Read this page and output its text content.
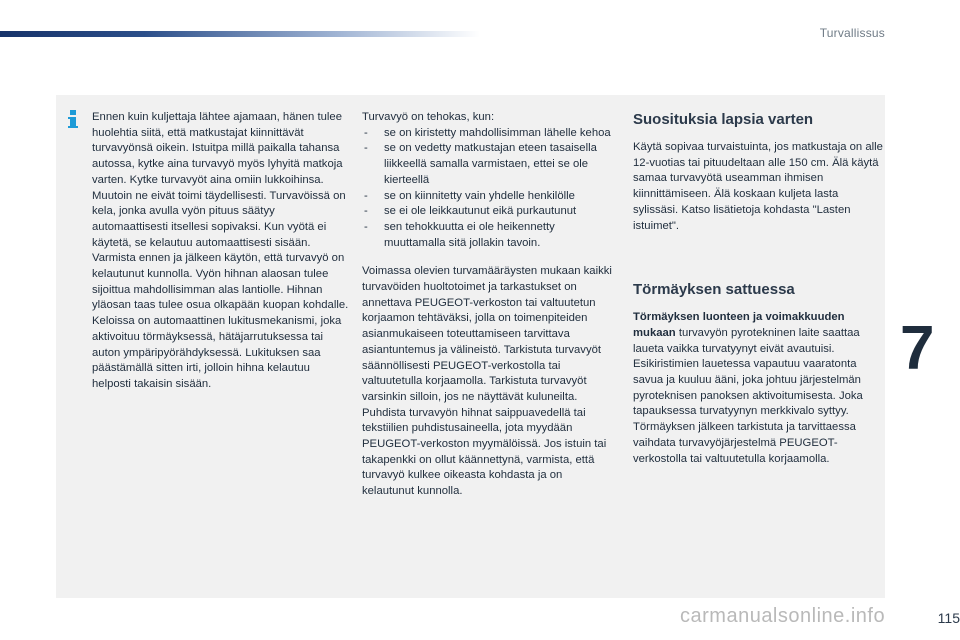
Turvallissus

Ennen kuin kuljettaja lähtee ajamaan, hänen tulee huolehtia siitä, että matkustajat kiinnittävät turvavyönsä oikein. Istuitpa millä paikalla tahansa autossa, kytke aina turvavyö myös lyhyitä matkoja varten. Kytke turvavyöt aina omiin lukkoihinsa. Muutoin ne eivät toimi täydellisesti. Turvavöissä on kela, jonka avulla vyön pituus säätyy automaattisesti itsellesi sopivaksi. Kun vyötä ei käytetä, se kelautuu automaattisesti sisään. Varmista ennen ja jälkeen käytön, että turvavyö on kelautunut kunnolla. Vyön hihnan alaosan tulee sijoittua mahdollisimman alas lantiolle. Hihnan yläosan taas tulee osua olkapään kuopan kohdalle. Keloissa on automaattinen lukitusmekanismi, joka aktivoituu törmäyksessä, hätäjarrutuksessa tai auton ympäripyörähdyksessä. Lukituksen saa päästämällä sitten irti, jolloin hihna kelautuu helposti takaisin sisään.

Turvavyö on tehokas, kun:

- se on kiristetty mahdollisimman lähelle kehoa
- se on vedetty matkustajan eteen tasaisella liikkeellä samalla varmistaen, ettei se ole kierteellä
- se on kiinnitetty vain yhdelle henkilölle
- se ei ole leikkautunut eikä purkautunut
- sen tehokkuutta ei ole heikennetty muuttamalla sitä jollakin tavoin.

Voimassa olevien turvamääräysten mukaan kaikki turvavöiden huoltotoimet ja tarkastukset on annettava PEUGEOT-verkoston tai valtuutetun korjaamon tehtäväksi, jolla on toimenpiteiden asianmukaiseen toteuttamiseen tarvittava asiantuntemus ja välineistö. Tarkistuta turvavyöt säännöllisesti PEUGEOT-verkostolla tai valtuutetulla korjaamolla. Tarkistuta turvavyöt varsinkin silloin, jos ne näyttävät kuluneilta. Puhdista turvavyön hihnat saippuavedellä tai tekstiilien puhdistusaineella, jota myydään PEUGEOT-verkoston myymälöissä. Jos istuin tai takapenkki on ollut käännettynä, varmista, että turvavyö kulkee oikeasta kohdasta ja on kelautunut kunnolla.

Suosituksia lapsia varten

Käytä sopivaa turvaistuinta, jos matkustaja on alle 12-vuotias tai pituudeltaan alle 150 cm. Älä käytä samaa turvavyötä useamman ihmisen kiinnittämiseen. Älä koskaan kuljeta lasta sylissäsi. Katso lisätietoja kohdasta "Lasten istuimet".

Törmäyksen sattuessa

Törmäyksen luonteen ja voimakkuuden mukaan turvavyön pyrotekninen laite saattaa laueta vaikka turvatyynyt eivät avautuisi. Esikiristimien lauetessa vapautuu vaaratonta savua ja kuuluu ääni, joka johtuu järjestelmän pyroteknisen panoksen aktivoitumisesta. Joka tapauksessa turvatyynyn merkkivalo syttyy. Törmäyksen jälkeen tarkistuta ja tarvittaessa vaihdata turvavyöjärjestelmä PEUGEOT-verkostolla tai valtuutetulla korjaamolla.

7
carmanualsonline.info	115
